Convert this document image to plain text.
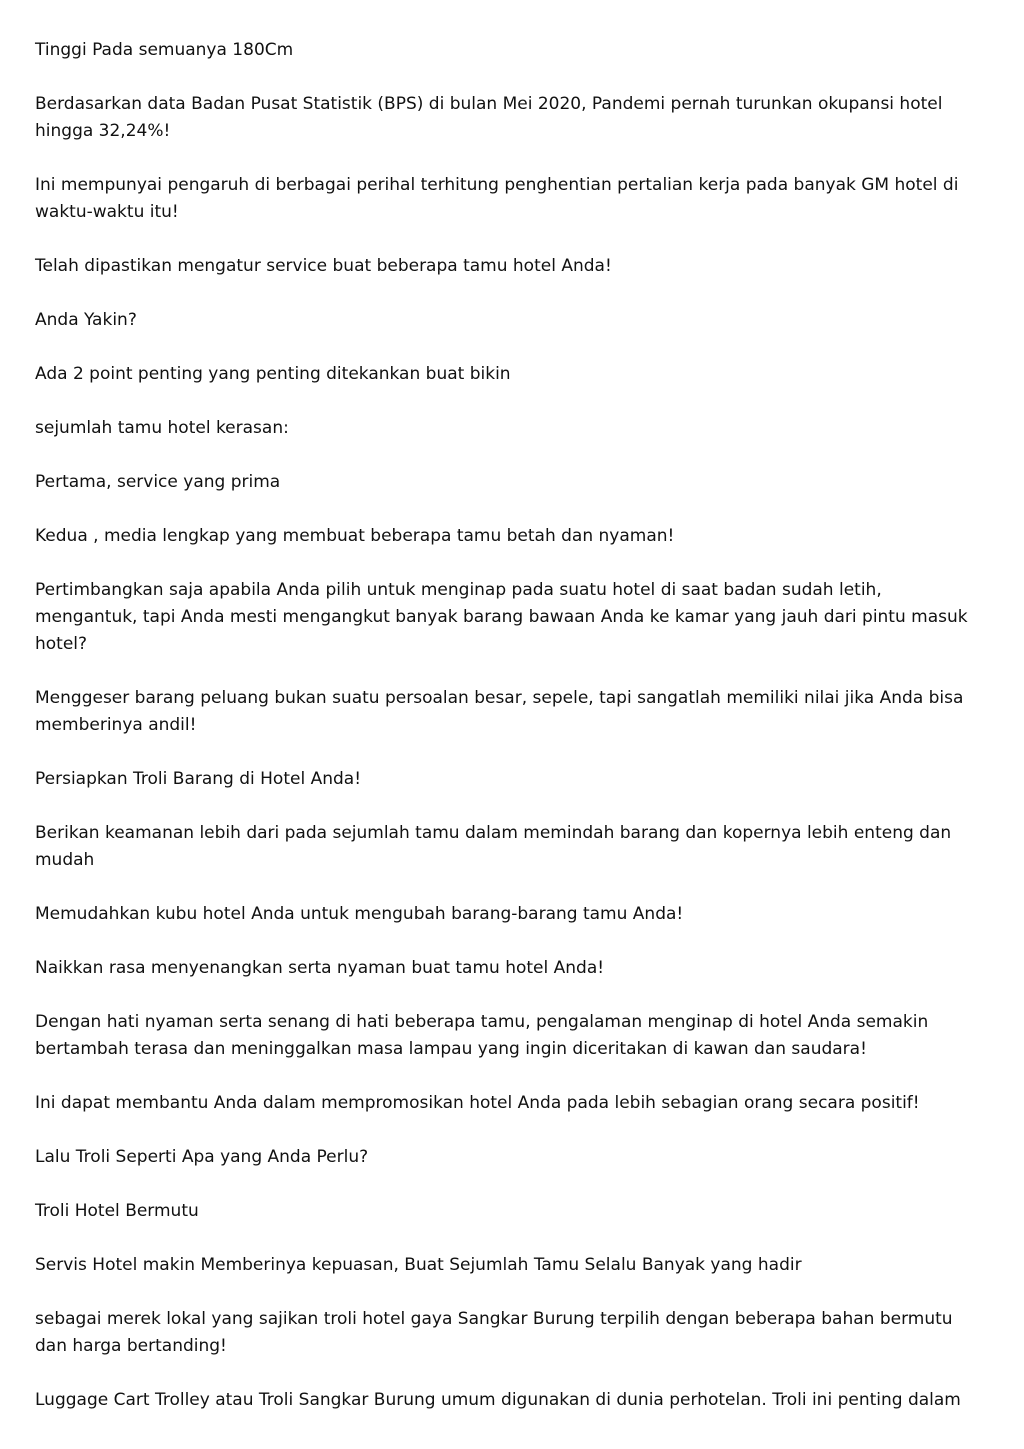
Tinggi Pada semuanya 180Cm

Berdasarkan data Badan Pusat Statistik (BPS) di bulan Mei 2020, Pandemi pernah turunkan okupansi hotel hingga 32,24%!

Ini mempunyai pengaruh di berbagai perihal terhitung penghentian pertalian kerja pada banyak GM hotel di waktu-waktu itu!

Telah dipastikan mengatur service buat beberapa tamu hotel Anda!

Anda Yakin?

Ada 2 point penting yang penting ditekankan buat bikin

sejumlah tamu hotel kerasan:

Pertama, service yang prima

Kedua , media lengkap yang membuat beberapa tamu betah dan nyaman!

Pertimbangkan saja apabila Anda pilih untuk menginap pada suatu hotel di saat badan sudah letih, mengantuk, tapi Anda mesti mengangkut banyak barang bawaan Anda ke kamar yang jauh dari pintu masuk hotel?

Menggeser barang peluang bukan suatu persoalan besar, sepele, tapi sangatlah memiliki nilai jika Anda bisa memberinya andil!

Persiapkan Troli Barang di Hotel Anda!

Berikan keamanan lebih dari pada sejumlah tamu dalam memindah barang dan kopernya lebih enteng dan mudah

Memudahkan kubu hotel Anda untuk mengubah barang-barang tamu Anda!

Naikkan rasa menyenangkan serta nyaman buat tamu hotel Anda!

Dengan hati nyaman serta senang di hati beberapa tamu, pengalaman menginap di hotel Anda semakin bertambah terasa dan meninggalkan masa lampau yang ingin diceritakan di kawan dan saudara!

Ini dapat membantu Anda dalam mempromosikan hotel Anda pada lebih sebagian orang secara positif!

Lalu Troli Seperti Apa yang Anda Perlu?

Troli Hotel Bermutu

Servis Hotel makin Memberinya kepuasan, Buat Sejumlah Tamu Selalu Banyak yang hadir

sebagai merek lokal yang sajikan troli hotel gaya Sangkar Burung terpilih dengan beberapa bahan bermutu dan harga bertanding!

Luggage Cart Trolley atau Troli Sangkar Burung umum digunakan di dunia perhotelan. Troli ini penting dalam
